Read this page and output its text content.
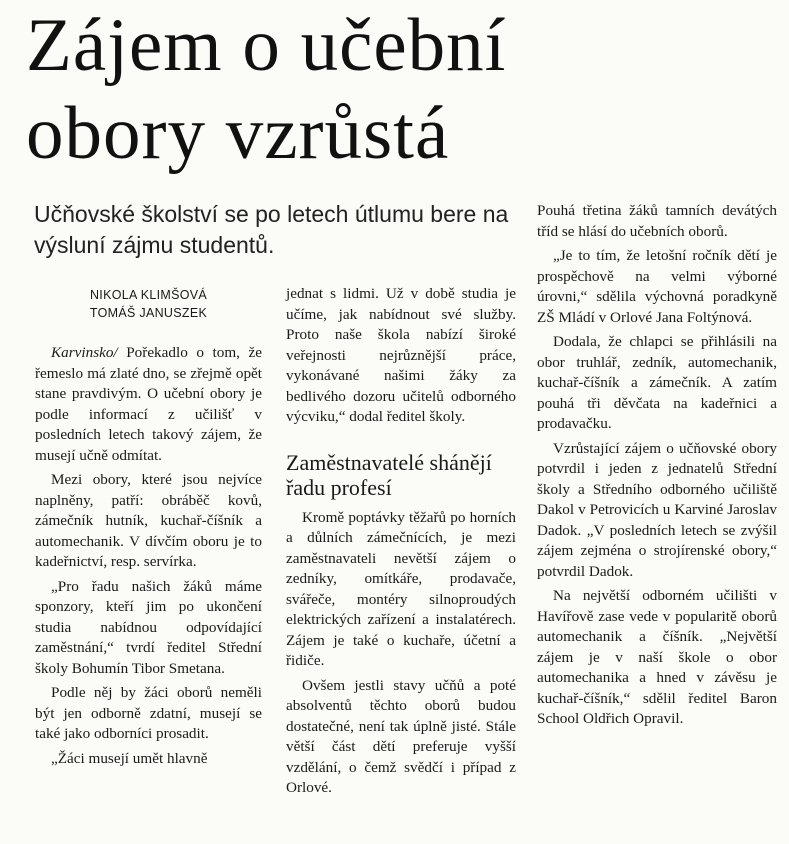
Zájem o učební obory vzrůstá

Učňovské školství se po letech útlumu bere na výsluní zájmu studentů.

NIKOLA KLIMŠOVÁ
TOMÁŠ JANUSZEK

Karvinsko/ Pořekadlo o tom, že řemeslo má zlaté dno, se zřejmě opět stane pravdivým. O učební obory je podle informací z učilišť v posledních letech takový zájem, že musejí učně odmítat.

Mezi obory, které jsou nejvíce naplněny, patří: obráběč kovů, zámečník hutník, kuchař-číšník a automechanik. V dívčím oboru je to kadeřnictví, resp. servírka.

„Pro řadu našich žáků máme sponzory, kteří jim po ukončení studia nabídnou odpovídající zaměstnání,“ tvrdí ředitel Střední školy Bohumín Tibor Smetana.

Podle něj by žáci oborů neměli být jen odborně zdatní, musejí se také jako odborníci prosadit.

„Žáci musejí umět hlavně

jednat s lidmi. Už v době studia je učíme, jak nabídnout své služby. Proto naše škola nabízí široké veřejnosti nejrůznější práce, vykonávané našimi žáky za bedlivého dozoru učitelů odborného výcviku,“ dodal ředitel školy.

Zaměstnavatelé shánějí řadu profesí

Kromě poptávky těžařů po horních a důlních zámečnících, je mezi zaměstnavateli nevětší zájem o zedníky, omítkáře, prodavače, svářeče, montéry silnoproudých elektrických zařízení a instalatérech. Zájem je také o kuchaře, účetní a řidiče.

Ovšem jestli stavy učňů a poté absolventů těchto oborů budou dostatečné, není tak úplně jisté. Stále větší část dětí preferuje vyšší vzdělání, o čemž svědčí i případ z Orlové.

Pouhá třetina žáků tamních devátých tříd se hlásí do učebních oborů.

„Je to tím, že letošní ročník dětí je prospěchově na velmi výborné úrovni,“ sdělila výchovná poradkyně ZŠ Mládí v Orlové Jana Foltýnová.

Dodala, že chlapci se přihlásili na obor truhlář, zedník, automechanik, kuchař-číšník a zámečník. A zatím pouhá tři děvčata na kadeřnici a prodavačku.

Vzrůstající zájem o učňovské obory potvrdil i jeden z jednatelů Střední školy a Středního odborného učiliště Dakol v Petrovicích u Karviné Jaroslav Dadok. „V posledních letech se zvýšil zájem zejména o strojírenské obory,“ potvrdil Dadok.

Na největší odborném učilišti v Havířově zase vede v popularitě oborů automechanik a číšník. „Největší zájem je v naší škole o obor automechanika a hned v závěsu je kuchař-číšník,“ sdělil ředitel Baron School Oldřich Opravil.
